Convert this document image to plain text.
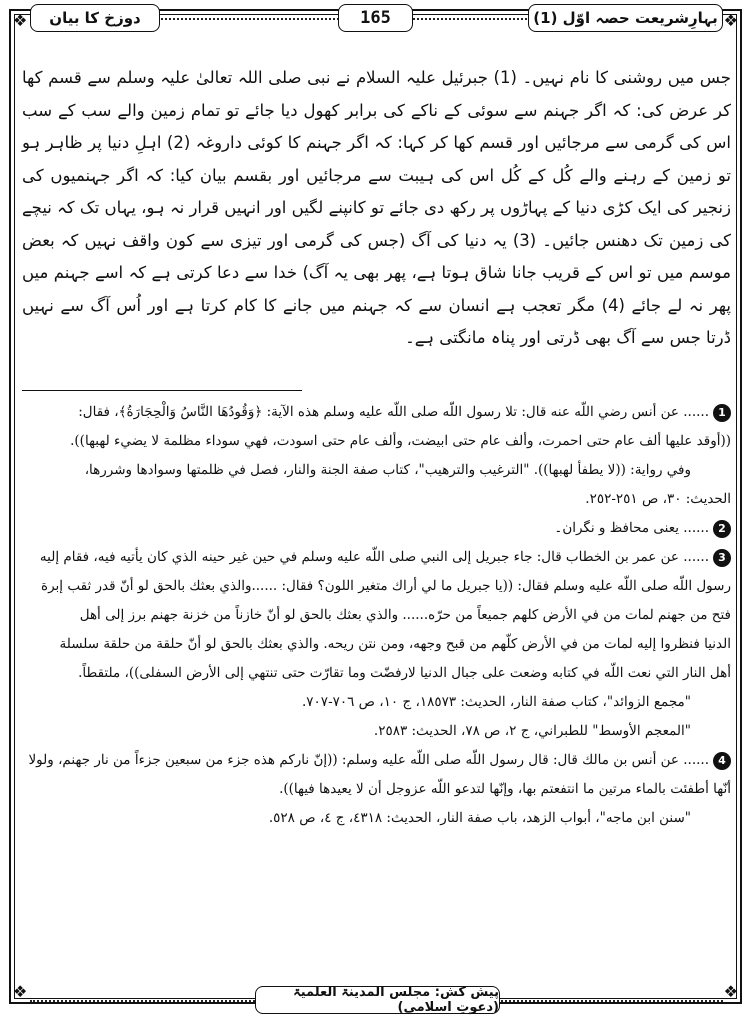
❖	❖
❖	❖
بہارِشریعت حصہ اوّل (1)
165
دوزخ کا بیان

جس میں روشنی کا نام نہیں۔ (1) جبرئیل علیہ السلام نے نبی صلی اللہ تعالیٰ علیہ وسلم سے قسم کھا کر عرض کی: کہ اگر جہنم سے سوئی کے ناکے کی برابر کھول دیا جائے تو تمام زمین والے سب کے سب اس کی گرمی سے مرجائیں اور قسم کھا کر کہا: کہ اگر جہنم کا کوئی داروغہ (2) اہلِ دنیا پر ظاہر ہو تو زمین کے رہنے والے کُل کے کُل اس کی ہیبت سے مرجائیں اور بقسم بیان کیا: کہ اگر جہنمیوں کی زنجیر کی ایک کڑی دنیا کے پہاڑوں پر رکھ دی جائے تو کانپنے لگیں اور انہیں قرار نہ ہو، یہاں تک کہ نیچے کی زمین تک دھنس جائیں۔ (3) یہ دنیا کی آگ (جس کی گرمی اور تیزی سے کون واقف نہیں کہ بعض موسم میں تو اس کے قریب جانا شاق ہوتا ہے، پھر بھی یہ آگ) خدا سے دعا کرتی ہے کہ اسے جہنم میں پھر نہ لے جائے (4) مگر تعجب ہے انسان سے کہ جہنم میں جانے کا کام کرتا ہے اور اُس آگ سے نہیں ڈرتا جس سے آگ بھی ڈرتی اور پناہ مانگتی ہے۔

1...... عن أنس رضي اللّه عنه قال: تلا رسول اللّه صلى اللّه عليه وسلم هذه الآية: ﴿وَقُودُهَا النَّاسُ وَالْحِجَارَةُ﴾، فقال:

((أوقد عليها ألف عام حتى احمرت، وألف عام حتى ابيضت، وألف عام حتى اسودت، فهي سوداء مظلمة لا يضيء لهبها)).

وفي رواية: ((لا يطفأ لهبها)). "الترغيب والترهيب"، كتاب صفة الجنة والنار، فصل في ظلمتها وسوادها وشررها،

الحديث: ٣٠، ص ٢٥١-٢٥٢.

2...... یعنی محافظ و نگران۔

3...... عن عمر بن الخطاب قال: جاء جبريل إلى النبي صلى اللّه عليه وسلم في حين غير حينه الذي كان يأتيه فيه، فقام إليه

رسول اللّه صلى اللّه عليه وسلم فقال: ((يا جبريل ما لي أراك متغير اللون؟ فقال: ......والذي بعثك بالحق لو أنّ قدر ثقب إبرة

فتح من جهنم لمات من في الأرض كلهم جميعاً من حرّه...... والذي بعثك بالحق لو أنّ خازناً من خزنة جهنم برز إلى أهل

الدنيا فنظروا إليه لمات من في الأرض كلّهم من قبح وجهه، ومن نتن ريحه. والذي بعثك بالحق لو أنّ حلقة من حلقة سلسلة

أهل النار التي نعت اللّه في كتابه وضعت على جبال الدنيا لارفضّت وما تقارّت حتى تنتهي إلى الأرض السفلى))، ملتقطاً.

"مجمع الزوائد"، كتاب صفة النار، الحديث: ١٨٥٧٣، ج ١٠، ص ٧٠٦-٧٠٧.

"المعجم الأوسط" للطبراني، ج ٢، ص ٧٨، الحديث: ٢٥٨٣.

4...... عن أنس بن مالك قال: قال رسول اللّه صلى اللّه عليه وسلم: ((إنّ ناركم هذه جزء من سبعين جزءاً من نار جهنم، ولولا

أنّها أطفئت بالماء مرتين ما انتفعتم بها، وإنّها لتدعو اللّه عزوجل أن لا يعيدها فيها)).

"سنن ابن ماجه"، أبواب الزهد، باب صفة النار، الحديث: ٤٣١٨، ج ٤، ص ٥٢٨.

پیش کش: مجلس المدینۃ العلمیۃ (دعوتِ اسلامی)
